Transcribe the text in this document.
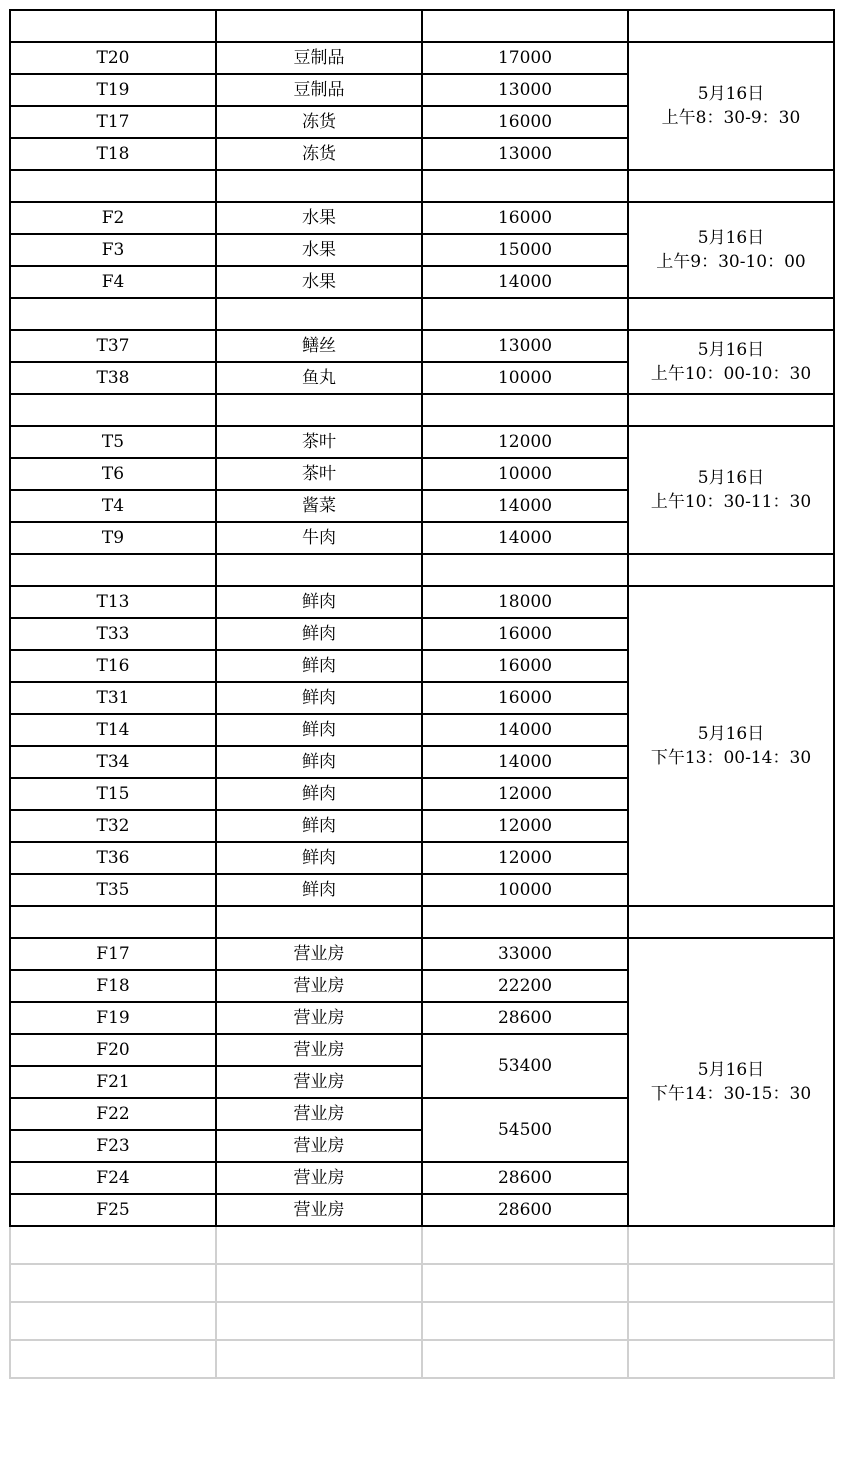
T20	豆制品	17000	5月16日
上午8：30-9：30

T19	豆制品	13000	
T17	冻货	16000	
T18	冻货	13000	

F2	水果	16000	5月16日
上午9：30-10：00

F3	水果	15000	
F4	水果	14000	

T37	鳝丝	13000	5月16日
上午10：00-10：30

T38	鱼丸	10000	

T5	茶叶	12000	5月16日
上午10：30-11：30

T6	茶叶	10000	
T4	酱菜	14000	
T9	牛肉	14000	

T13	鲜肉	18000	5月16日
下午13：00-14：30

T33	鲜肉	16000	
T16	鲜肉	16000	
T31	鲜肉	16000	
T14	鲜肉	14000	
T34	鲜肉	14000	
T15	鲜肉	12000	
T32	鲜肉	12000	
T36	鲜肉	12000	
T35	鲜肉	10000	

F17	营业房	33000	5月16日
下午14：30-15：30

F18	营业房	22200	
F19	营业房	28600	
F20	营业房	53400	
F21	营业房		
F22	营业房	54500	
F23	营业房		
F24	营业房	28600	
F25	营业房	28600	
